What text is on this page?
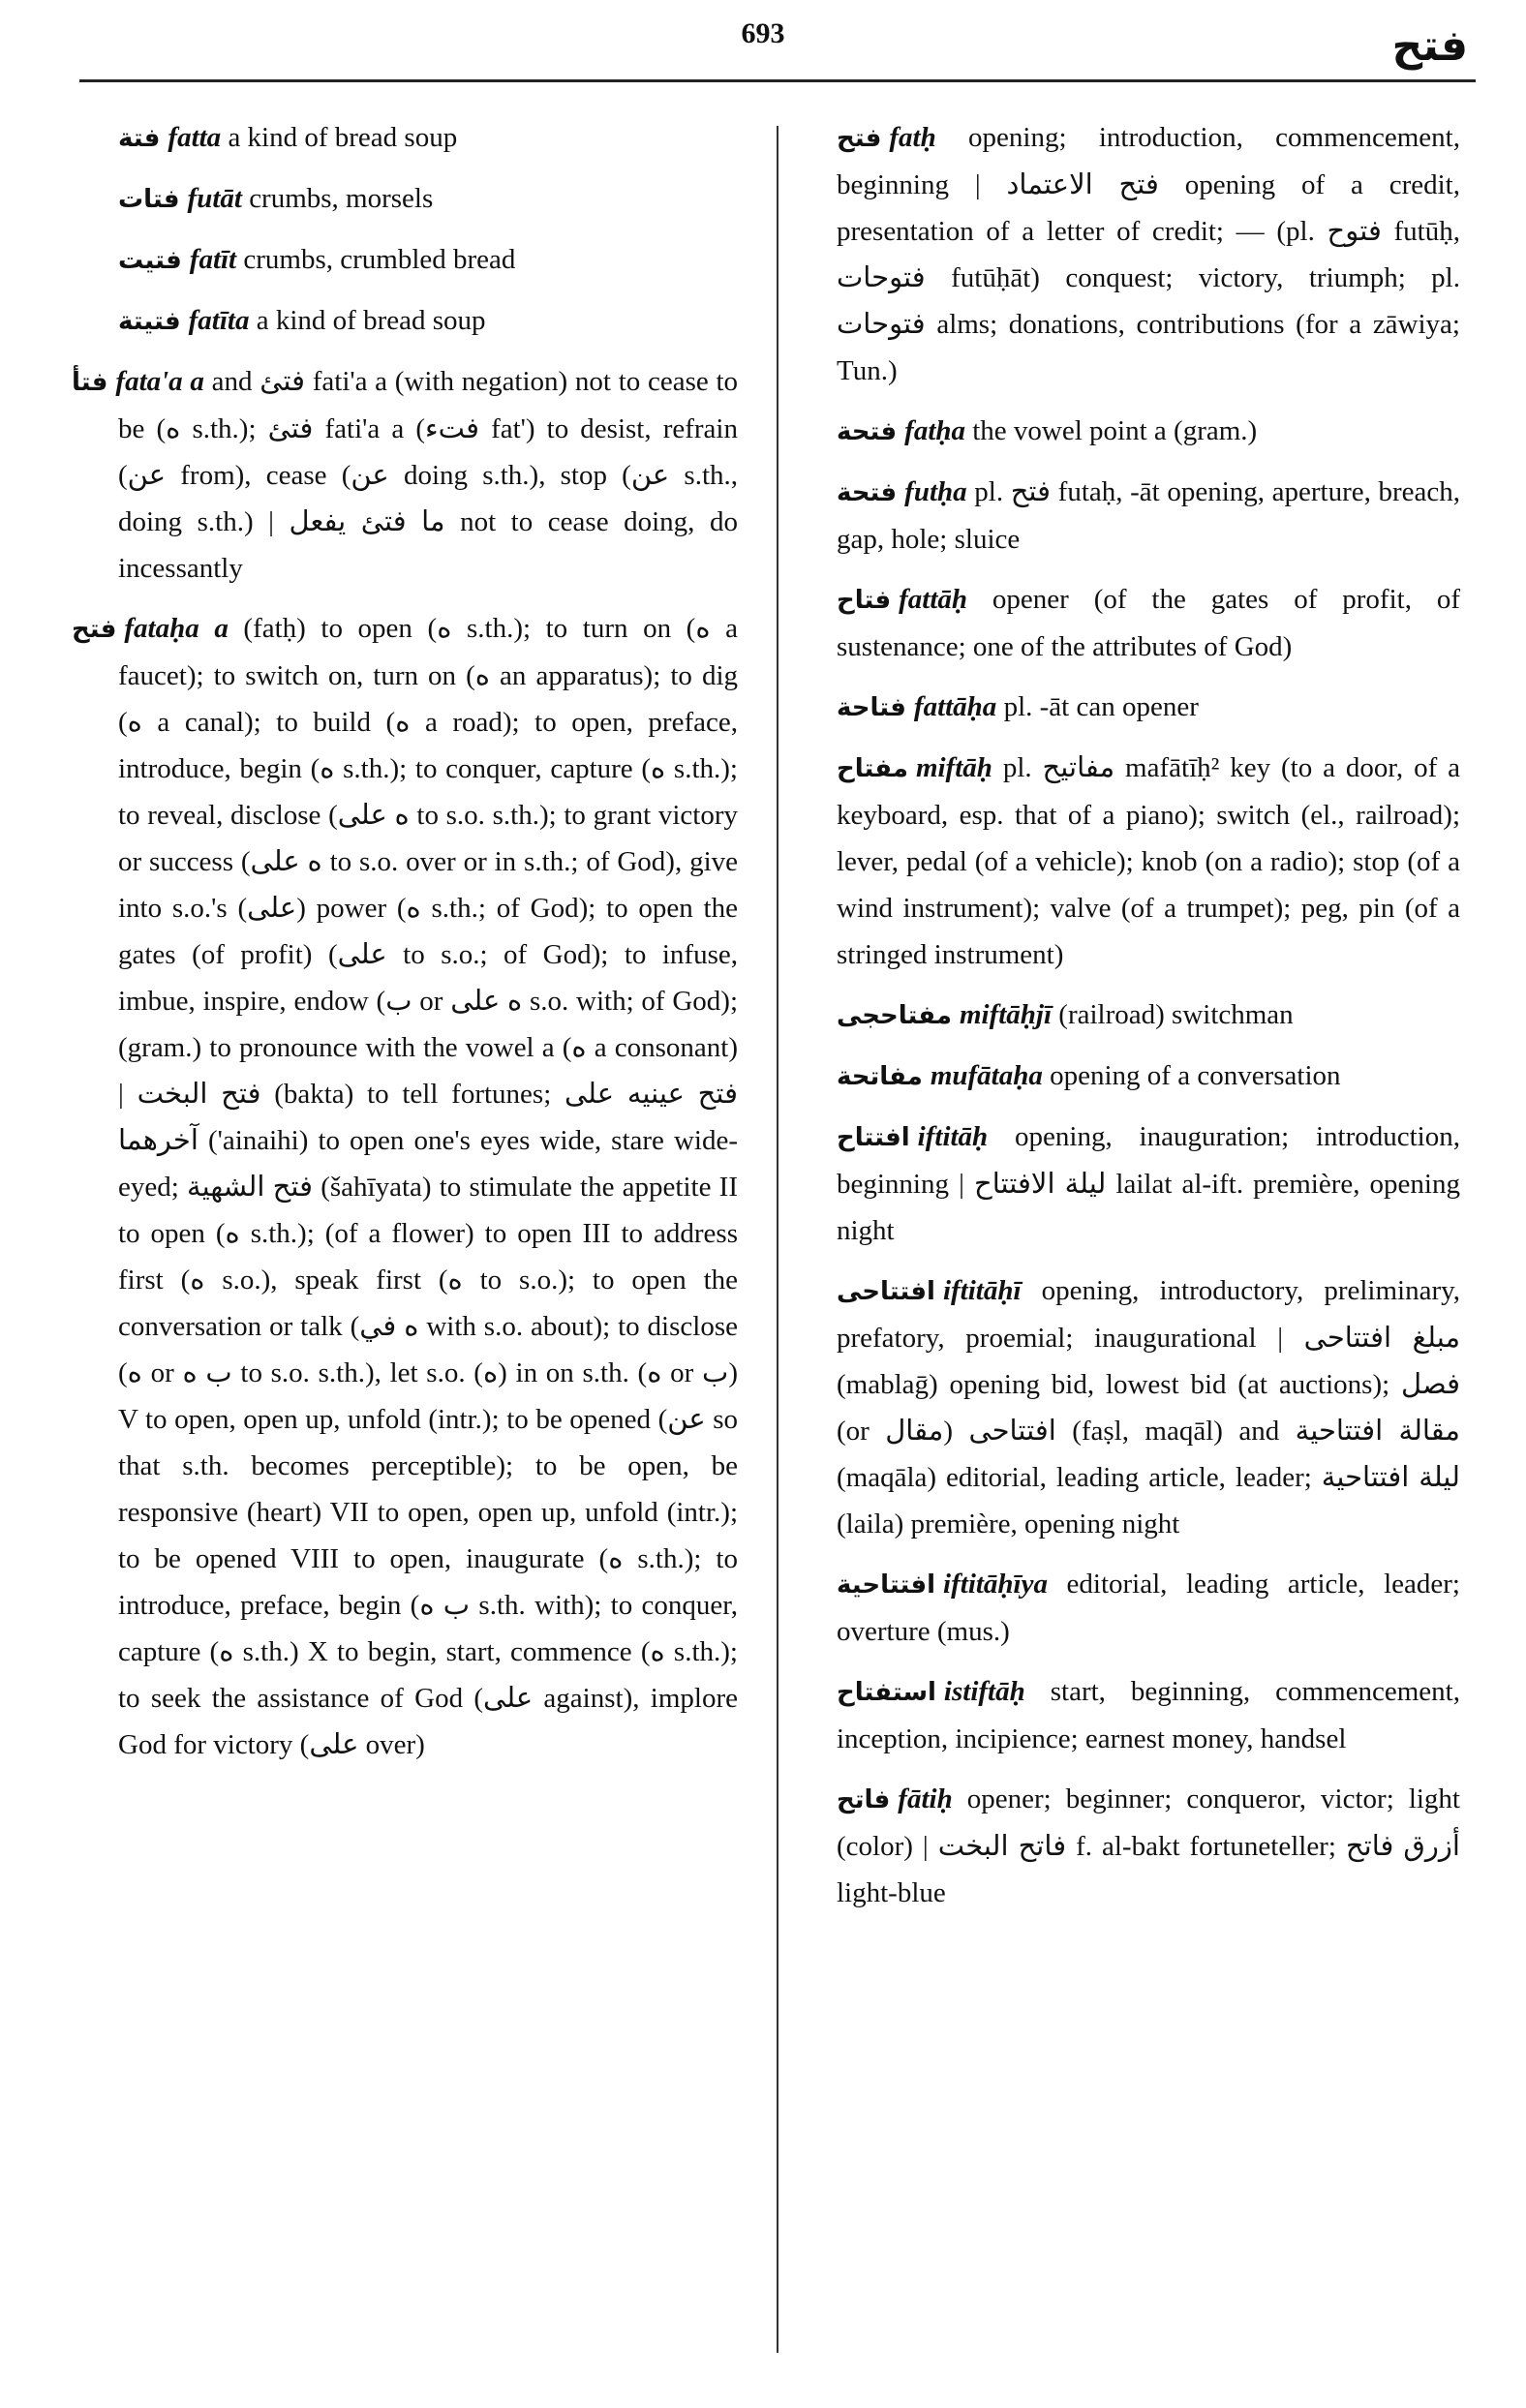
693	فتح
فتة fatta a kind of bread soup
فتات futāt crumbs, morsels
فتيت fatīt crumbs, crumbled bread
فتيتة fatīta a kind of bread soup
فتأ fata'a a and فتئ fati'a a (with negation) not to cease to be (ه s.th.); فتئ fati'a a (فتء fat') to desist, refrain (عن from), cease (عن doing s.th.), stop (عن s.th., doing s.th.) | ما فتئ يفعل not to cease doing, do incessantly
فتح fataḥa a (fatḥ) to open (ه s.th.); to turn on (ه a faucet); to switch on, turn on (ه an apparatus); to dig (ه a canal); to build (ه a road); to open, preface, introduce, begin (ه s.th.); to conquer, capture (ه s.th.); to reveal, disclose (ه على to s.o. s.th.); to grant victory or success (ه على to s.o. over or in s.th.; of God), give into s.o.'s (على) power (ه s.th.; of God); to open the gates (of profit) (على to s.o.; of God); to infuse, imbue, inspire, endow (ب or ه على s.o. with; of God); (gram.) to pronounce with the vowel a (ه a consonant) | فتح البخت (bakta) to tell fortunes; فتح عينيه على آخرهما ('ainaihi) to open one's eyes wide, stare wide-eyed; فتح الشهية (šahīyata) to stimulate the appetite II to open (ه s.th.); (of a flower) to open III to address first (ه s.o.), speak first (ه to s.o.); to open the conversation or talk (ه في with s.o. about); to disclose (ه or ب ه to s.o. s.th.), let s.o. (ه) in on s.th. (ه or ب) V to open, open up, unfold (intr.); to be opened (عن so that s.th. becomes perceptible); to be open, be responsive (heart) VII to open, open up, unfold (intr.); to be opened VIII to open, inaugurate (ه s.th.); to introduce, preface, begin (ب ه s.th. with); to conquer, capture (ه s.th.) X to begin, start, commence (ه s.th.); to seek the assistance of God (على against), implore God for victory (على over)
فتح fatḥ opening; introduction, commencement, beginning | فتح الاعتماد opening of a credit, presentation of a letter of credit; — (pl. فتوح futūḥ, فتوحات futūḥāt) conquest; victory, triumph; pl. فتوحات alms; donations, contributions (for a zāwiya; Tun.)
فتحة fatḥa the vowel point a (gram.)
فتحة futḥa pl. فتح futaḥ, -āt opening, aperture, breach, gap, hole; sluice
فتاح fattāḥ opener (of the gates of profit, of sustenance; one of the attributes of God)
فتاحة fattāḥa pl. -āt can opener
مفتاح miftāḥ pl. مفاتيح mafātīḥ² key (to a door, of a keyboard, esp. that of a piano); switch (el., railroad); lever, pedal (of a vehicle); knob (on a radio); stop (of a wind instrument); valve (of a trumpet); peg, pin (of a stringed instrument)
مفتاحجى miftāḥjī (railroad) switchman
مفاتحة mufātaḥa opening of a conversation
افتتاح iftitāḥ opening, inauguration; introduction, beginning | ليلة الافتتاح lailat al-ift. première, opening night
افتتاحى iftitāḥī opening, introductory, preliminary, prefatory, proemial; inaugurational | مبلغ افتتاحى (mablaḡ) opening bid, lowest bid (at auctions); فصل (or مقال) افتتاحى (faṣl, maqāl) and مقالة افتتاحية (maqāla) editorial, leading article, leader; ليلة افتتاحية (laila) première, opening night
افتتاحية iftitāḥīya editorial, leading article, leader; overture (mus.)
استفتاح istiftāḥ start, beginning, commencement, inception, incipience; earnest money, handsel
فاتح fātiḥ opener; beginner; conqueror, victor; light (color) | فاتح البخت f. al-bakt fortuneteller; أزرق فاتح light-blue
